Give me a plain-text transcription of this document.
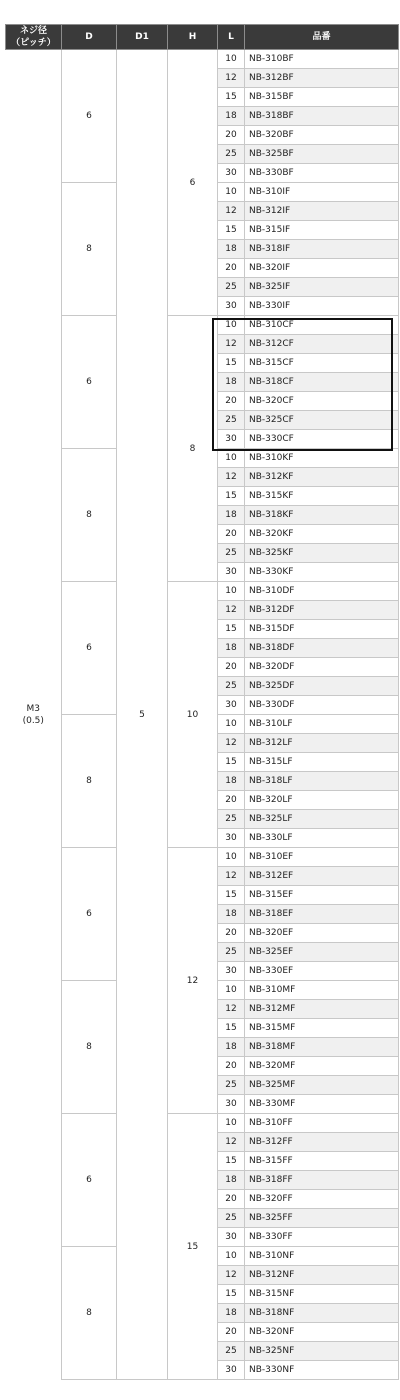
ネジ径
（ピッチ）	D	D1	H	L	品番

M3
(0.5)	6	5	6	10	NB-310BF
				12	NB-312BF
				15	NB-315BF
				18	NB-318BF
				20	NB-320BF
				25	NB-325BF
				30	NB-330BF
	8			10	NB-310IF
				12	NB-312IF
				15	NB-315IF
				18	NB-318IF
				20	NB-320IF
				25	NB-325IF
				30	NB-330IF
	6		8	10	NB-310CF
				12	NB-312CF
				15	NB-315CF
				18	NB-318CF
				20	NB-320CF
				25	NB-325CF
				30	NB-330CF
	8			10	NB-310KF
				12	NB-312KF
				15	NB-315KF
				18	NB-318KF
				20	NB-320KF
				25	NB-325KF
				30	NB-330KF
	6		10	10	NB-310DF
				12	NB-312DF
				15	NB-315DF
				18	NB-318DF
				20	NB-320DF
				25	NB-325DF
				30	NB-330DF
	8			10	NB-310LF
				12	NB-312LF
				15	NB-315LF
				18	NB-318LF
				20	NB-320LF
				25	NB-325LF
				30	NB-330LF
	6		12	10	NB-310EF
				12	NB-312EF
				15	NB-315EF
				18	NB-318EF
				20	NB-320EF
				25	NB-325EF
				30	NB-330EF
	8			10	NB-310MF
				12	NB-312MF
				15	NB-315MF
				18	NB-318MF
				20	NB-320MF
				25	NB-325MF
				30	NB-330MF
	6		15	10	NB-310FF
				12	NB-312FF
				15	NB-315FF
				18	NB-318FF
				20	NB-320FF
				25	NB-325FF
				30	NB-330FF
	8			10	NB-310NF
				12	NB-312NF
				15	NB-315NF
				18	NB-318NF
				20	NB-320NF
				25	NB-325NF
				30	NB-330NF
